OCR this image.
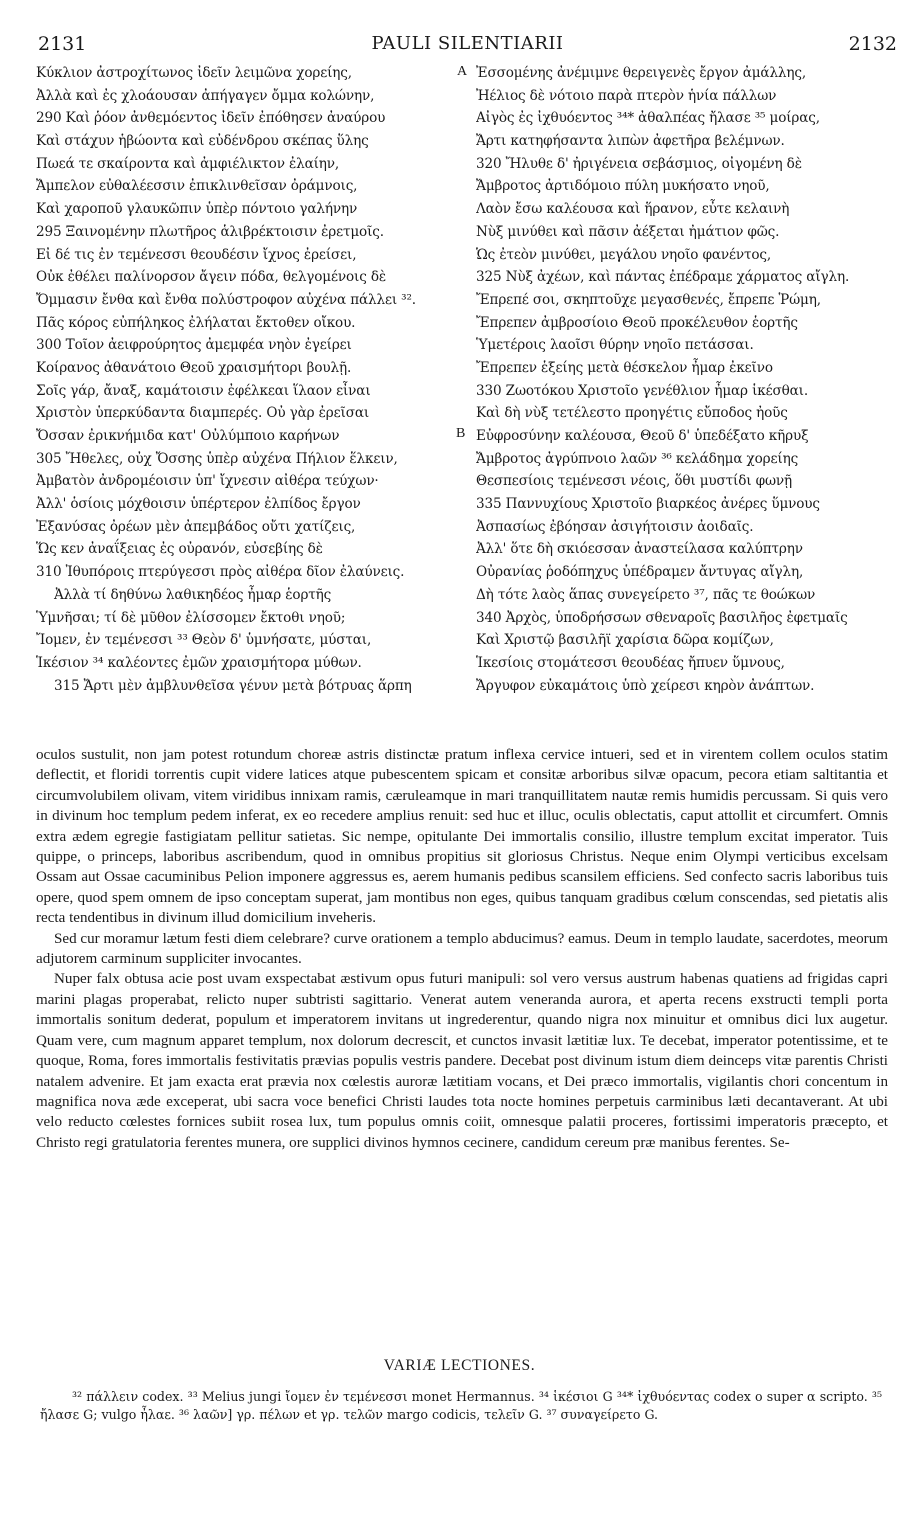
2131	PAULI SILENTIARII	2132
Κύκλιον ἀστροχίτωνος ἰδεῖν λειμῶνα χορείης,
Ἀλλὰ καὶ ἐς χλοάουσαν ἀπήγαγεν ὄμμα κολώνην,
290 Καὶ ῥόον ἀνθεμόεντος ἰδεῖν ἐπόθησεν ἀναύρου
Καὶ στάχυν ἡβώοντα καὶ εὐδένδρου σκέπας ὕλης
Πωεά τε σκαίροντα καὶ ἀμφιέλικτον ἐλαίην,
Ἄμπελον εὐθαλέεσσιν ἐπικλινθεῖσαν ὀράμνοις,
Καὶ χαροποῦ γλαυκῶπιν ὑπὲρ πόντοιο γαλήνην
295 Ξαινομένην πλωτῆρος ἁλιβρέκτοισιν ἐρετμοῖς.
Εἰ δέ τις ἐν τεμένεσσι θεουδέσιν ἴχνος ἐρείσει,
Οὐκ ἐθέλει παλίνορσον ἄγειν πόδα, θελγομένοις δὲ
Ὄμμασιν ἔνθα καὶ ἔνθα πολύστροφον αὐχένα πάλλει ³².
Πᾶς κόρος εὐπήληκος ἐλήλαται ἔκτοθεν οἴκου.
300 Τοῖον ἀειφρούρητος ἀμεμφέα νηὸν ἐγείρει
Κοίρανος ἀθανάτοιο Θεοῦ χραισμήτορι βουλῇ.
Σοῖς γάρ, ἄναξ, καμάτοισιν ἐφέλκεαι ἵλαον εἶναι
Χριστὸν ὑπερκύδαντα διαμπερές. Οὐ γὰρ ἐρεῖσαι
Ὄσσαν ἐρικνήμιδα κατ' Οὐλύμποιο καρήνων
305 Ἤθελες, οὐχ Ὄσσης ὑπὲρ αὐχένα Πήλιον ἕλκειν,
Ἀμβατὸν ἀνδρομέοισιν ὑπ' ἴχνεσιν αἰθέρα τεύχων·
Ἀλλ' ὁσίοις μόχθοισιν ὑπέρτερον ἐλπίδος ἔργον
Ἐξανύσας ὀρέων μὲν ἀπεμβάδος οὔτι χατίζεις,
Ὥς κεν ἀναΐξειας ἐς οὐρανόν, εὐσεβίης δὲ
310 Ἰθυπόροις πτερύγεσσι πρὸς αἰθέρα δῖον ἐλαύνεις.
Ἀλλὰ τί δηθύνω λαθικηδέος ἦμαρ ἑορτῆς
Ὑμνῆσαι; τί δὲ μῦθον ἐλίσσομεν ἔκτοθι νηοῦ;
Ἴομεν, ἐν τεμένεσσι ³³ Θεὸν δ' ὑμνήσατε, μύσται,
Ἱκέσιον ³⁴ καλέοντες ἐμῶν χραισμήτορα μύθων.
315 Ἄρτι μὲν ἀμβλυνθεῖσα γένυν μετὰ βότρυας ἅρπη
Ἐσσομένης ἀνέμιμνε θερειγενὲς ἔργον ἀμάλλης,
Ἠέλιος δὲ νότοιο παρὰ πτερὸν ἡνία πάλλων
Αἰγὸς ἐς ἰχθυόεντος ³⁴* ἀθαλπέας ἤλασε ³⁵ μοίρας,
Ἄρτι κατηφήσαντα λιπὼν ἀφετῆρα βελέμνων.
320 Ἤλυθε δ' ἠριγένεια σεβάσμιος, οἰγομένη δὲ
Ἄμβροτος ἀρτιδόμοιο πύλη μυκήσατο νηοῦ,
Λαὸν ἔσω καλέουσα καὶ ἥρανον, εὖτε κελαινὴ
Νὺξ μινύθει καὶ πᾶσιν ἀέξεται ἠμάτιον φῶς.
Ὡς ἐτεὸν μινύθει, μεγάλου νηοῖο φανέντος,
325 Νὺξ ἀχέων, καὶ πάντας ἐπέδραμε χάρματος αἴγλη.
Ἔπρεπέ σοι, σκηπτοῦχε μεγασθενές, ἔπρεπε Ῥώμη,
Ἔπρεπεν ἀμβροσίοιο Θεοῦ προκέλευθον ἑορτῆς
Ὑμετέροις λαοῖσι θύρην νηοῖο πετάσσαι.
Ἔπρεπεν ἑξείης μετὰ θέσκελον ἦμαρ ἐκεῖνο
330 Ζωοτόκου Χριστοῖο γενέθλιον ἦμαρ ἱκέσθαι.
Καὶ δὴ νὺξ τετέλεστο προηγέτις εὔποδος ἠοῦς
Εὐφροσύνην καλέουσα, Θεοῦ δ' ὑπεδέξατο κῆρυξ
Ἄμβροτος ἀγρύπνοιο λαῶν ³⁶ κελάδημα χορείης
Θεσπεσίοις τεμένεσσι νέοις, ὅθι μυστίδι φωνῇ
335 Παννυχίους Χριστοῖο βιαρκέος ἀνέρες ὕμνους
Ἀσπασίως ἐβόησαν ἀσιγήτοισιν ἀοιδαῖς.
Ἀλλ' ὅτε δὴ σκιόεσσαν ἀναστείλασα καλύπτρην
Οὐρανίας ῥοδόπηχυς ὑπέδραμεν ἄντυγας αἴγλη,
Δὴ τότε λαὸς ἅπας συνεγείρετο ³⁷, πᾶς τε θοώκων
340 Ἀρχὸς, ὑποδρήσσων σθεναροῖς βασιλῆος ἐφετμαῖς
Καὶ Χριστῷ βασιλῆϊ χαρίσια δῶρα κομίζων,
Ἱκεσίοις στομάτεσσι θεουδέας ἤπυεν ὕμνους,
Ἄργυφον εὐκαμάτοις ὑπὸ χείρεσι κηρὸν ἀνάπτων.
A
B

oculos sustulit, non jam potest rotundum choreæ astris distinctæ pratum inflexa cervice intueri, sed et in virentem collem oculos statim deflectit, et floridi torrentis cupit videre latices atque pubescentem spicam et consitæ arboribus silvæ opacum, pecora etiam saltitantia et circumvolubilem olivam, vitem viridibus innixam ramis, cæruleamque in mari tranquillitatem nautæ remis humidis percussam. Si quis vero in divinum hoc templum pedem inferat, ex eo recedere amplius renuit: sed huc et illuc, oculis oblectatis, caput attollit et circumfert. Omnis extra ædem egregie fastigiatam pellitur satietas. Sic nempe, opitulante Dei immortalis consilio, illustre templum excitat imperator. Tuis quippe, o princeps, laboribus ascribendum, quod in omnibus propitius sit gloriosus Christus. Neque enim Olympi verticibus excelsam Ossam aut Ossae cacuminibus Pelion imponere aggressus es, aerem humanis pedibus scansilem efficiens. Sed confecto sacris laboribus tuis opere, quod spem omnem de ipso conceptam superat, jam montibus non eges, quibus tanquam gradibus cœlum conscendas, sed pietatis alis recta tendentibus in divinum illud domicilium inveheris.

Sed cur moramur lætum festi diem celebrare? curve orationem a templo abducimus? eamus. Deum in templo laudate, sacerdotes, meorum adjutorem carminum suppliciter invocantes.

Nuper falx obtusa acie post uvam exspectabat æstivum opus futuri manipuli: sol vero versus austrum habenas quatiens ad frigidas capri marini plagas properabat, relicto nuper subtristi sagittario. Venerat autem veneranda aurora, et aperta recens exstructi templi porta immortalis sonitum dederat, populum et imperatorem invitans ut ingrederentur, quando nigra nox minuitur et omnibus dici lux augetur. Quam vere, cum magnum apparet templum, nox dolorum decrescit, et cunctos invasit lætitiæ lux. Te decebat, imperator potentissime, et te quoque, Roma, fores immortalis festivitatis prævias populis vestris pandere. Decebat post divinum istum diem deinceps vitæ parentis Christi natalem advenire. Et jam exacta erat prævia nox cœlestis auroræ lætitiam vocans, et Dei præco immortalis, vigilantis chori concentum in magnifica nova æde exceperat, ubi sacra voce benefici Christi laudes tota nocte homines perpetuis carminibus læti decantaverant. At ubi velo reducto cœlestes fornices subiit rosea lux, tum populus omnis coiit, omnesque palatii proceres, fortissimi imperatoris præcepto, et Christo regi gratulatoria ferentes munera, ore supplici divinos hymnos cecinere, candidum cereum præ manibus ferentes. Se-

VARIÆ LECTIONES.

³² πάλλειν codex. ³³ Melius jungi ἴομεν ἐν τεμένεσσι monet Hermannus. ³⁴ ἱκέσιοι G ³⁴* ἰχθυόεντας codex o super α scripto. ³⁵ ἤλασε G; vulgo ἦλαε. ³⁶ λαῶν] γρ. πέλων et γρ. τελῶν margo codicis, τελεῖν G. ³⁷ συναγείρετο G.
